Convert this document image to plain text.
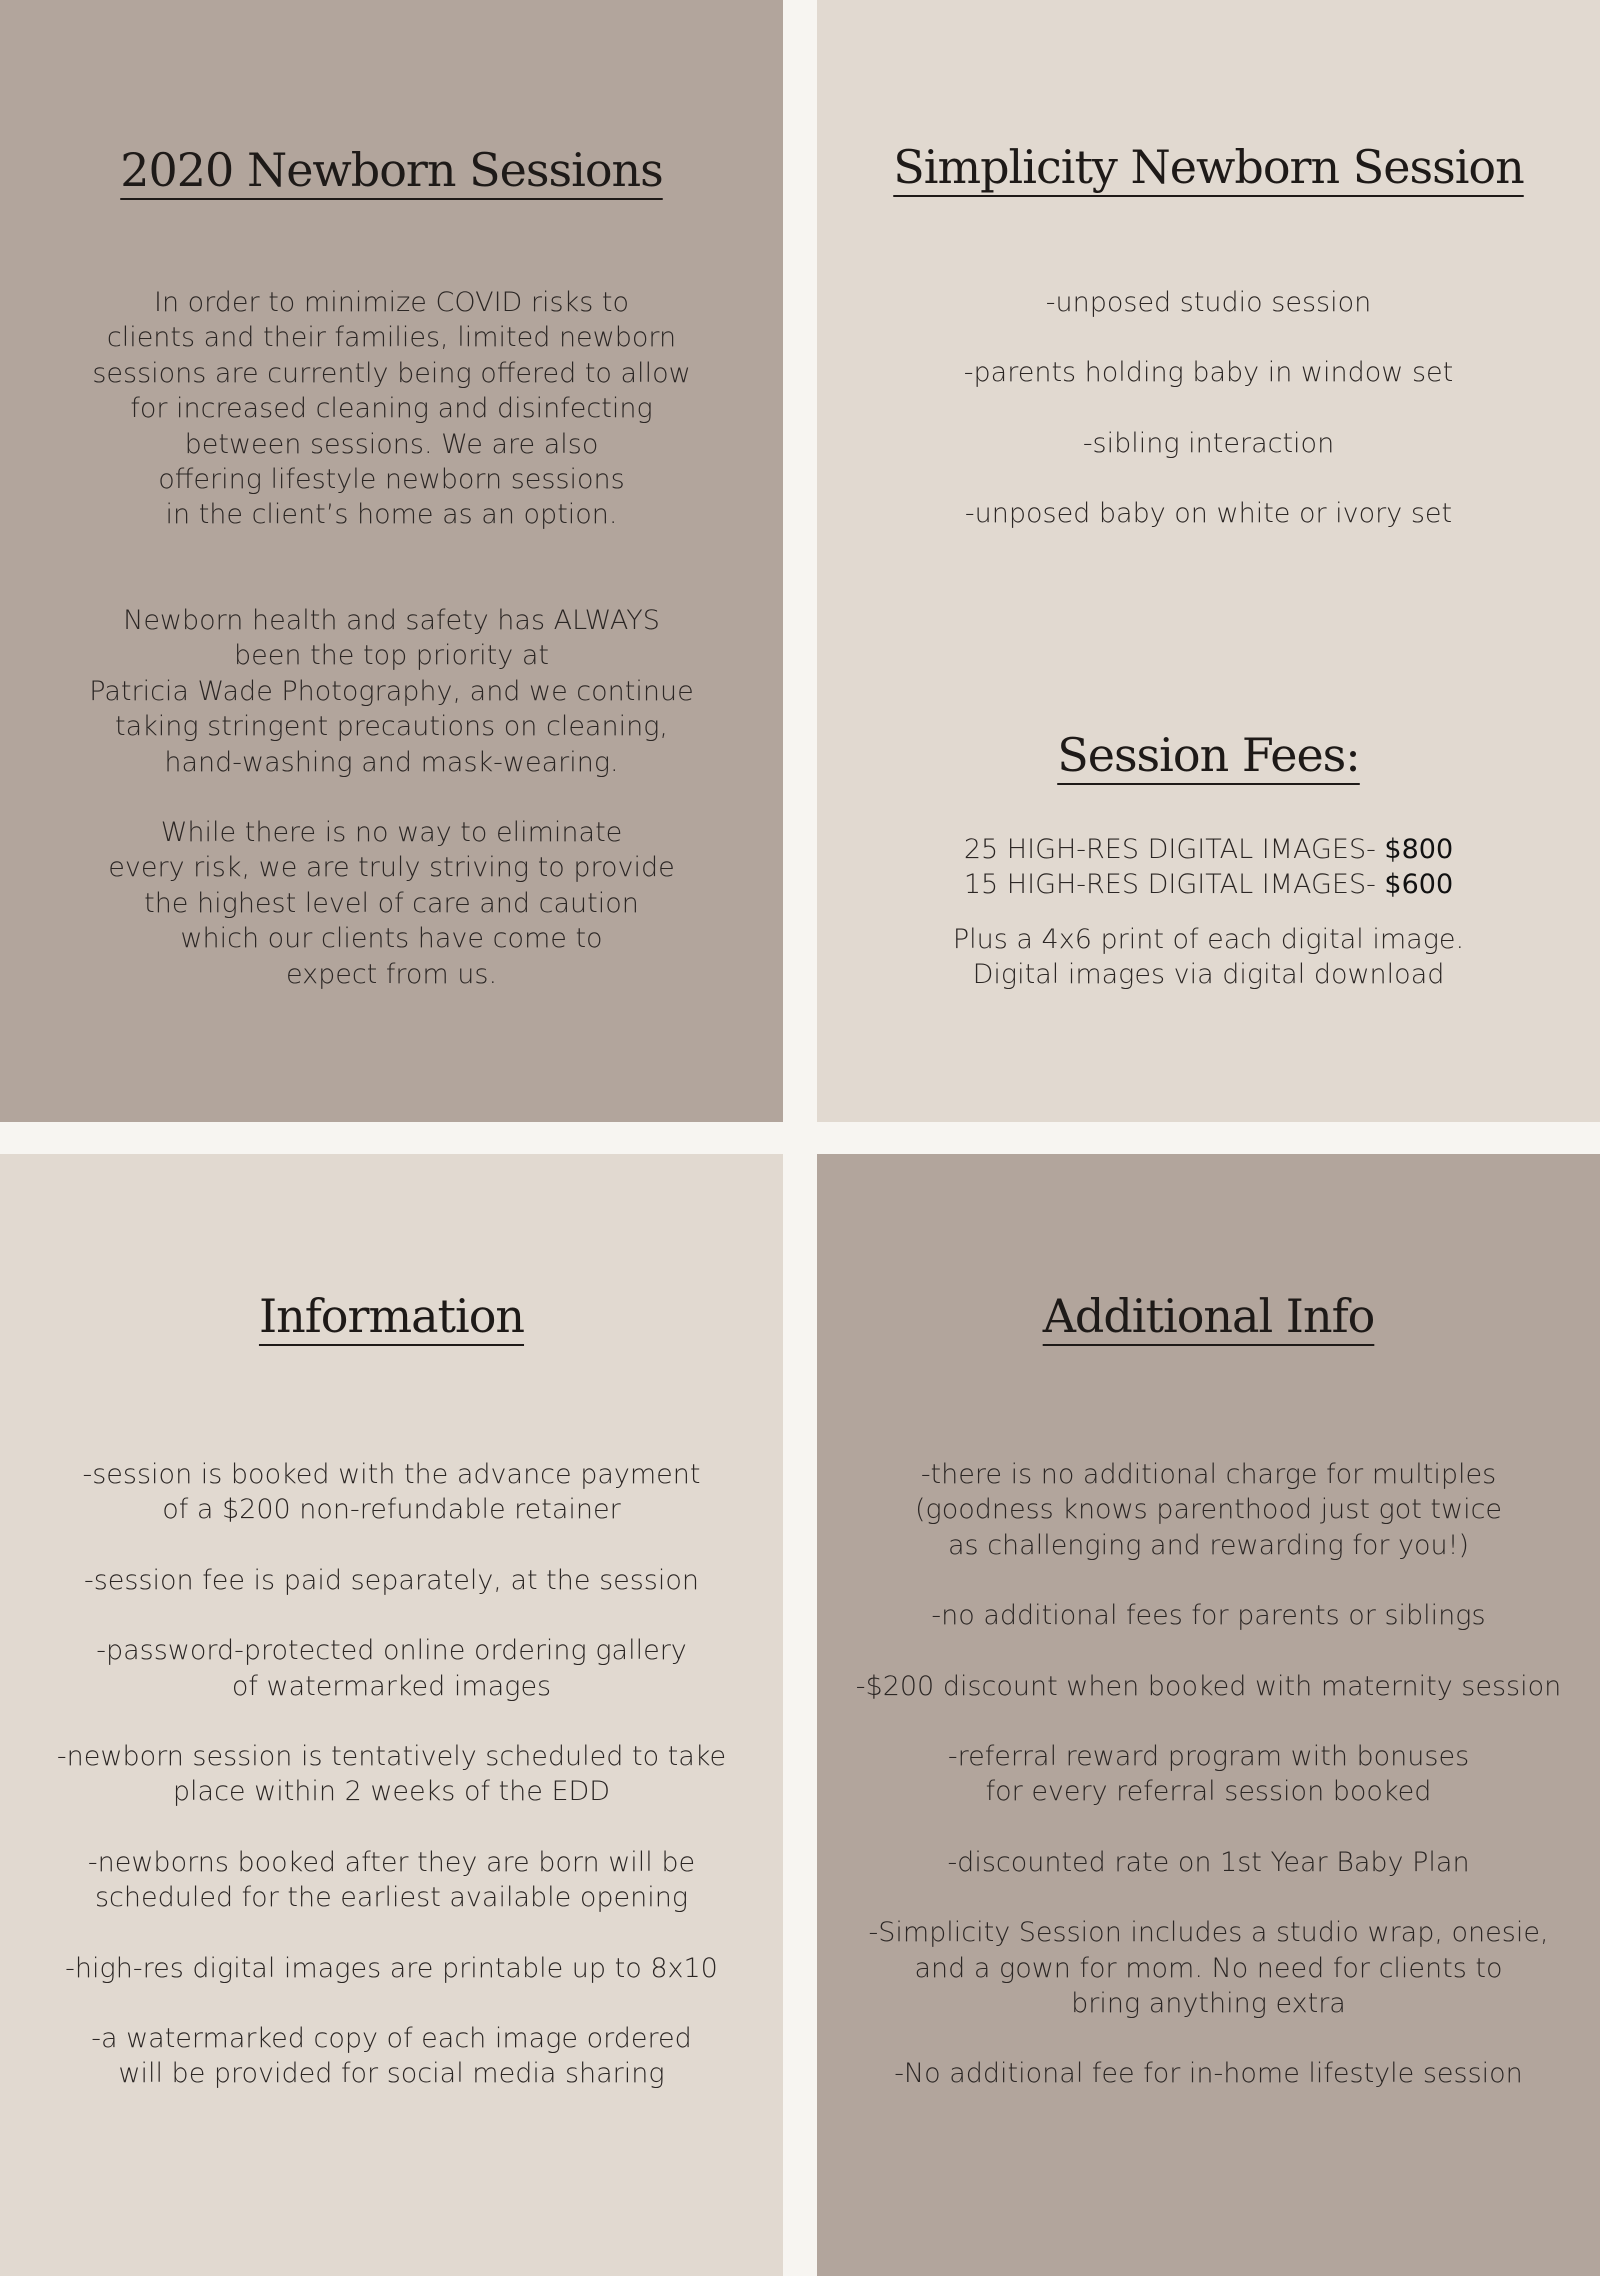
2020 Newborn Sessions

In order to minimize COVID risks to

clients and their families, limited newborn

sessions are currently being offered to allow

for increased cleaning and disinfecting

between sessions. We are also

offering lifestyle newborn sessions

in the client’s home as an option.

Newborn health and safety has ALWAYS

been the top priority at

Patricia Wade Photography, and we continue

taking stringent precautions on cleaning,

hand-washing and mask-wearing.

While there is no way to eliminate

every risk, we are truly striving to provide

the highest level of care and caution

which our clients have come to

expect from us.

Simplicity Newborn Session

-unposed studio session

-parents holding baby in window set

-sibling interaction

-unposed baby on white or ivory set

Session Fees:

25 HIGH-RES DIGITAL IMAGES- $800

15 HIGH-RES DIGITAL IMAGES- $600

Plus a 4x6 print of each digital image.

Digital images via digital download

Information

-session is booked with the advance payment

of a $200 non-refundable retainer

-session fee is paid separately, at the session

-password-protected online ordering gallery

of watermarked images

-newborn session is tentatively scheduled to take

place within 2 weeks of the EDD

-newborns booked after they are born will be

scheduled for the earliest available opening

-high-res digital images are printable up to 8x10

-a watermarked copy of each image ordered

will be provided for social media sharing

Additional Info

-there is no additional charge for multiples

(goodness knows parenthood just got twice

as challenging and rewarding for you!)

-no additional fees for parents or siblings

-$200 discount when booked with maternity session

-referral reward program with bonuses

for every referral session booked

-discounted rate on 1st Year Baby Plan

-Simplicity Session includes a studio wrap, onesie,

and a gown for mom. No need for clients to

bring anything extra

-No additional fee for in-home lifestyle session
